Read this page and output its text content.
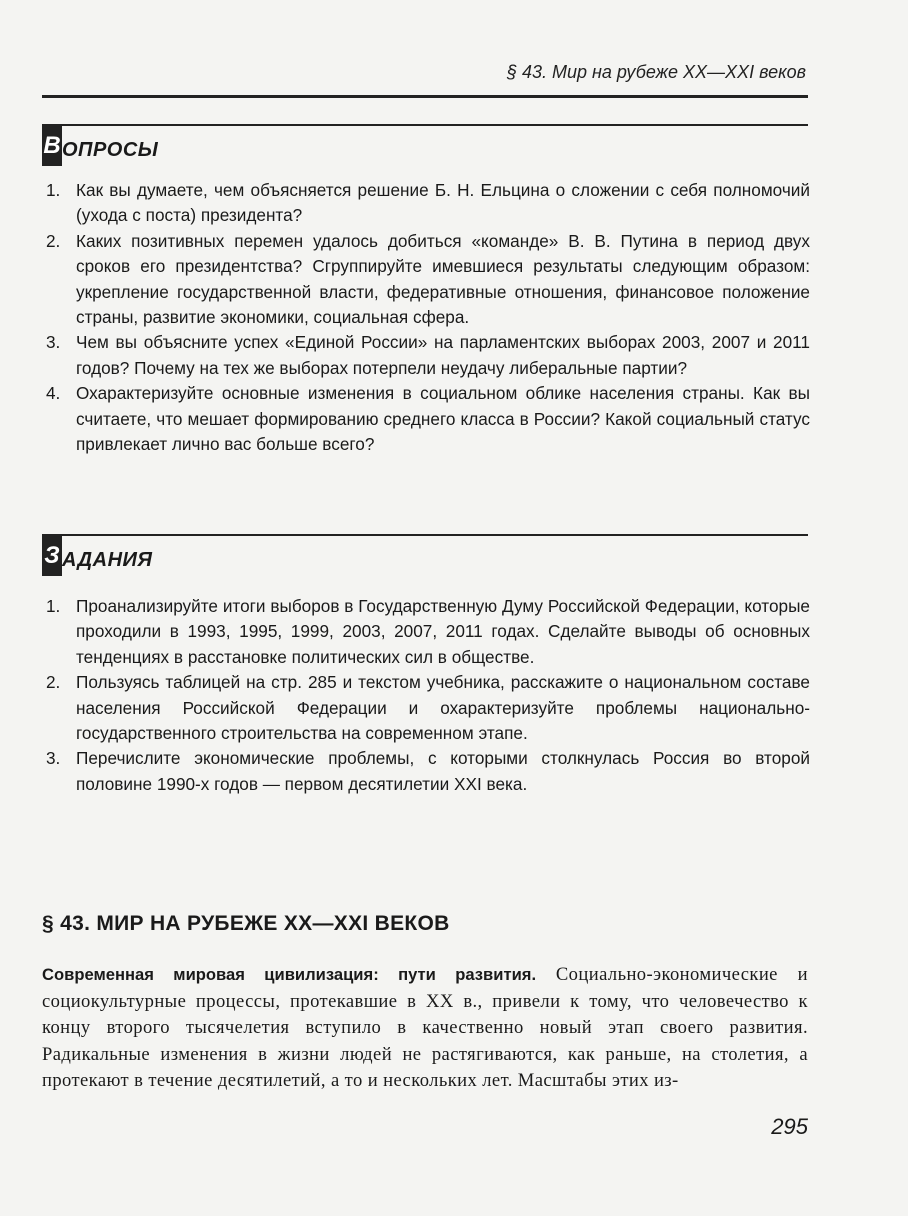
§ 43. Мир на рубеже XX—XXI веков
В ОПРОСЫ
1. Как вы думаете, чем объясняется решение Б. Н. Ельцина о сложении с себя полномочий (ухода с поста) президента?
2. Каких позитивных перемен удалось добиться «команде» В. В. Путина в период двух сроков его президентства? Сгруппируйте имевшиеся результаты следующим образом: укрепление государственной власти, федеративные отношения, финансовое положение страны, развитие экономики, социальная сфера.
3. Чем вы объясните успех «Единой России» на парламентских выборах 2003, 2007 и 2011 годов? Почему на тех же выборах потерпели неудачу либеральные партии?
4. Охарактеризуйте основные изменения в социальном облике населения страны. Как вы считаете, что мешает формированию среднего класса в России? Какой социальный статус привлекает лично вас больше всего?
З АДАНИЯ
1. Проанализируйте итоги выборов в Государственную Думу Российской Федерации, которые проходили в 1993, 1995, 1999, 2003, 2007, 2011 годах. Сделайте выводы об основных тенденциях в расстановке политических сил в обществе.
2. Пользуясь таблицей на стр. 285 и текстом учебника, расскажите о национальном составе населения Российской Федерации и охарактеризуйте проблемы национально-государственного строительства на современном этапе.
3. Перечислите экономические проблемы, с которыми столкнулась Россия во второй половине 1990-х годов — первом десятилетии XXI века.
§ 43. МИР НА РУБЕЖЕ XX—XXI ВЕКОВ
Современная мировая цивилизация: пути развития. Социально-экономические и социокультурные процессы, протекавшие в XX в., привели к тому, что человечество к концу второго тысячелетия вступило в качественно новый этап своего развития. Радикальные изменения в жизни людей не растягиваются, как раньше, на столетия, а протекают в течение десятилетий, а то и нескольких лет. Масштабы этих из-
295
